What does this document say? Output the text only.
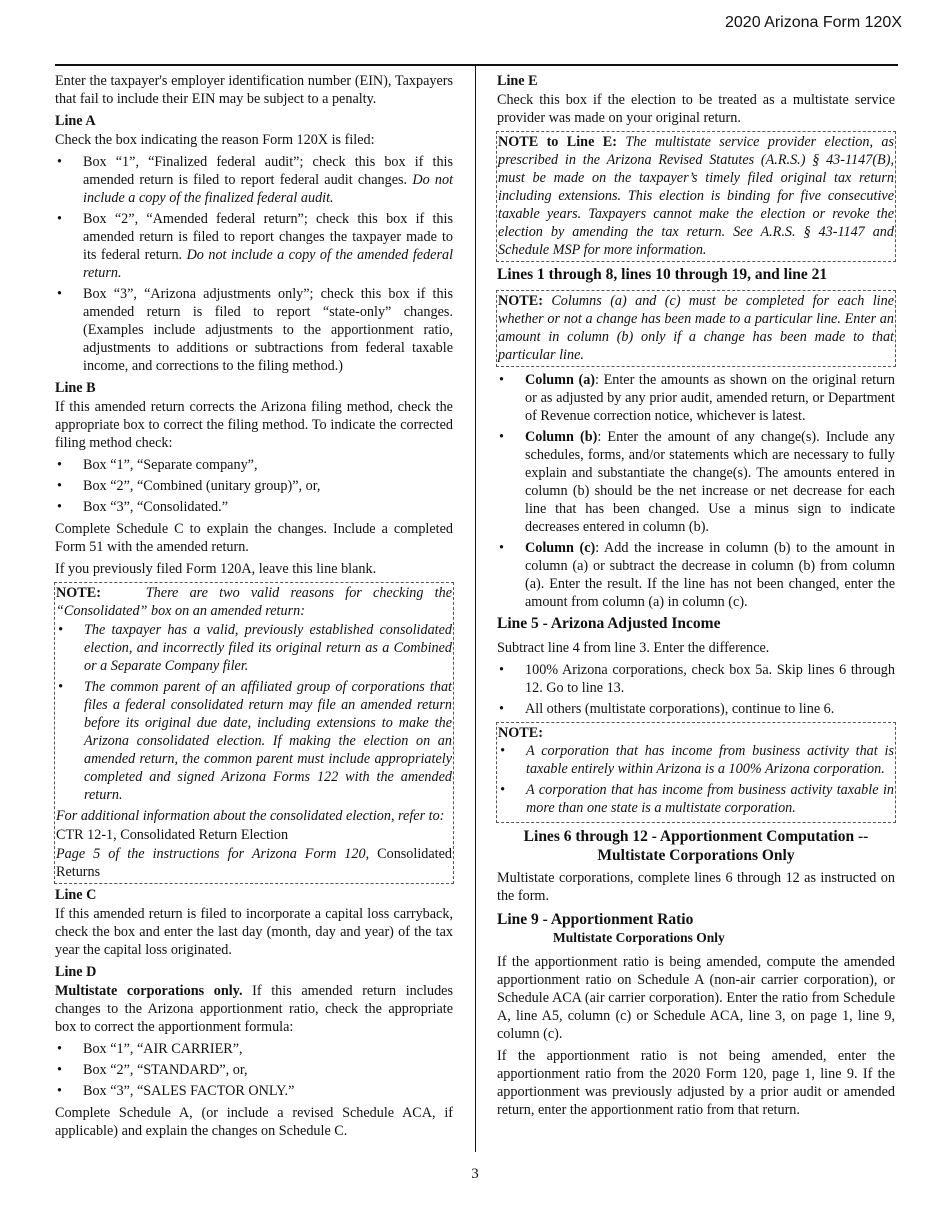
2020 Arizona Form 120X

Enter the taxpayer's employer identification number (EIN), Taxpayers that fail to include their EIN may be subject to a penalty.

Line A

Check the box indicating the reason Form 120X is filed:

• Box “1”, “Finalized federal audit”; check this box if this amended return is filed to report federal audit changes. Do not include a copy of the finalized federal audit.
• Box “2”, “Amended federal return”; check this box if this amended return is filed to report changes the taxpayer made to its federal return. Do not include a copy of the amended federal return.
• Box “3”, “Arizona adjustments only”; check this box if this amended return is filed to report “state-only” changes. (Examples include adjustments to the apportionment ratio, adjustments to additions or subtractions from federal taxable income, and corrections to the filing method.)
Line B

If this amended return corrects the Arizona filing method, check the appropriate box to correct the filing method. To indicate the corrected filing method check:

• Box “1”, “Separate company”,
• Box “2”, “Combined (unitary group)”, or,
• Box “3”, “Consolidated.”

Complete Schedule C to explain the changes. Include a completed Form 51 with the amended return.

If you previously filed Form 120A, leave this line blank.

NOTE:	There are two valid reasons for checking the “Consolidated” box on an amended return:

• The taxpayer has a valid, previously established consolidated election, and incorrectly filed its original return as a Combined or a Separate Company filer.
• The common parent of an affiliated group of corporations that files a federal consolidated return may file an amended return before its original due date, including extensions to make the Arizona consolidated election. If making the election on an amended return, the common parent must include appropriately completed and signed Arizona Forms 122 with the amended return.

For additional information about the consolidated election, refer to:

CTR 12-1, Consolidated Return Election

Page 5 of the instructions for Arizona Form 120, Consolidated Returns

Line C

If this amended return is filed to incorporate a capital loss carryback, check the box and enter the last day (month, day and year) of the tax year the capital loss originated.

Line D

Multistate corporations only. If this amended return includes changes to the Arizona apportionment ratio, check the appropriate box to correct the apportionment formula:

• Box “1”, “AIR CARRIER”,
• Box “2”, “STANDARD”, or,
• Box “3”, “SALES FACTOR ONLY.”

Complete Schedule A, (or include a revised Schedule ACA, if applicable) and explain the changes on Schedule C.

Line E

Check this box if the election to be treated as a multistate service provider was made on your original return.

NOTE to Line E: The multistate service provider election, as prescribed in the Arizona Revised Statutes (A.R.S.) § 43-1147(B), must be made on the taxpayer’s timely filed original tax return including extensions. This election is binding for five consecutive taxable years. Taxpayers cannot make the election or revoke the election by amending the tax return. See A.R.S. § 43-1147 and Schedule MSP for more information.

Lines 1 through 8, lines 10 through 19, and line 21

NOTE: Columns (a) and (c) must be completed for each line whether or not a change has been made to a particular line. Enter an amount in column (b) only if a change has been made to that particular line.

• Column (a): Enter the amounts as shown on the original return or as adjusted by any prior audit, amended return, or Department of Revenue correction notice, whichever is latest.
• Column (b): Enter the amount of any change(s). Include any schedules, forms, and/or statements which are necessary to fully explain and substantiate the change(s). The amounts entered in column (b) should be the net increase or net decrease for each line that has been changed. Use a minus sign to indicate decreases entered in column (b).
• Column (c): Add the increase in column (b) to the amount in column (a) or subtract the decrease in column (b) from column (a). Enter the result. If the line has not been changed, enter the amount from column (a) in column (c).
Line 5 - Arizona Adjusted Income

Subtract line 4 from line 3. Enter the difference.

• 100% Arizona corporations, check box 5a. Skip lines 6 through 12. Go to line 13.
• All others (multistate corporations), continue to line 6.

NOTE:

• A corporation that has income from business activity that is taxable entirely within Arizona is a 100% Arizona corporation.
• A corporation that has income from business activity taxable in more than one state is a multistate corporation.
Lines 6 through 12 - Apportionment Computation --
Multistate Corporations Only

Multistate corporations, complete lines 6 through 12 as instructed on the form.

Line 9 - Apportionment Ratio
Multistate Corporations Only

If the apportionment ratio is being amended, compute the amended apportionment ratio on Schedule A (non-air carrier corporation), or Schedule ACA (air carrier corporation). Enter the ratio from Schedule A, line A5, column (c) or Schedule ACA, line 3, on page 1, line 9, column (c).

If the apportionment ratio is not being amended, enter the apportionment ratio from the 2020 Form 120, page 1, line 9. If the apportionment was previously adjusted by a prior audit or amended return, enter the apportionment ratio from that return.

3
